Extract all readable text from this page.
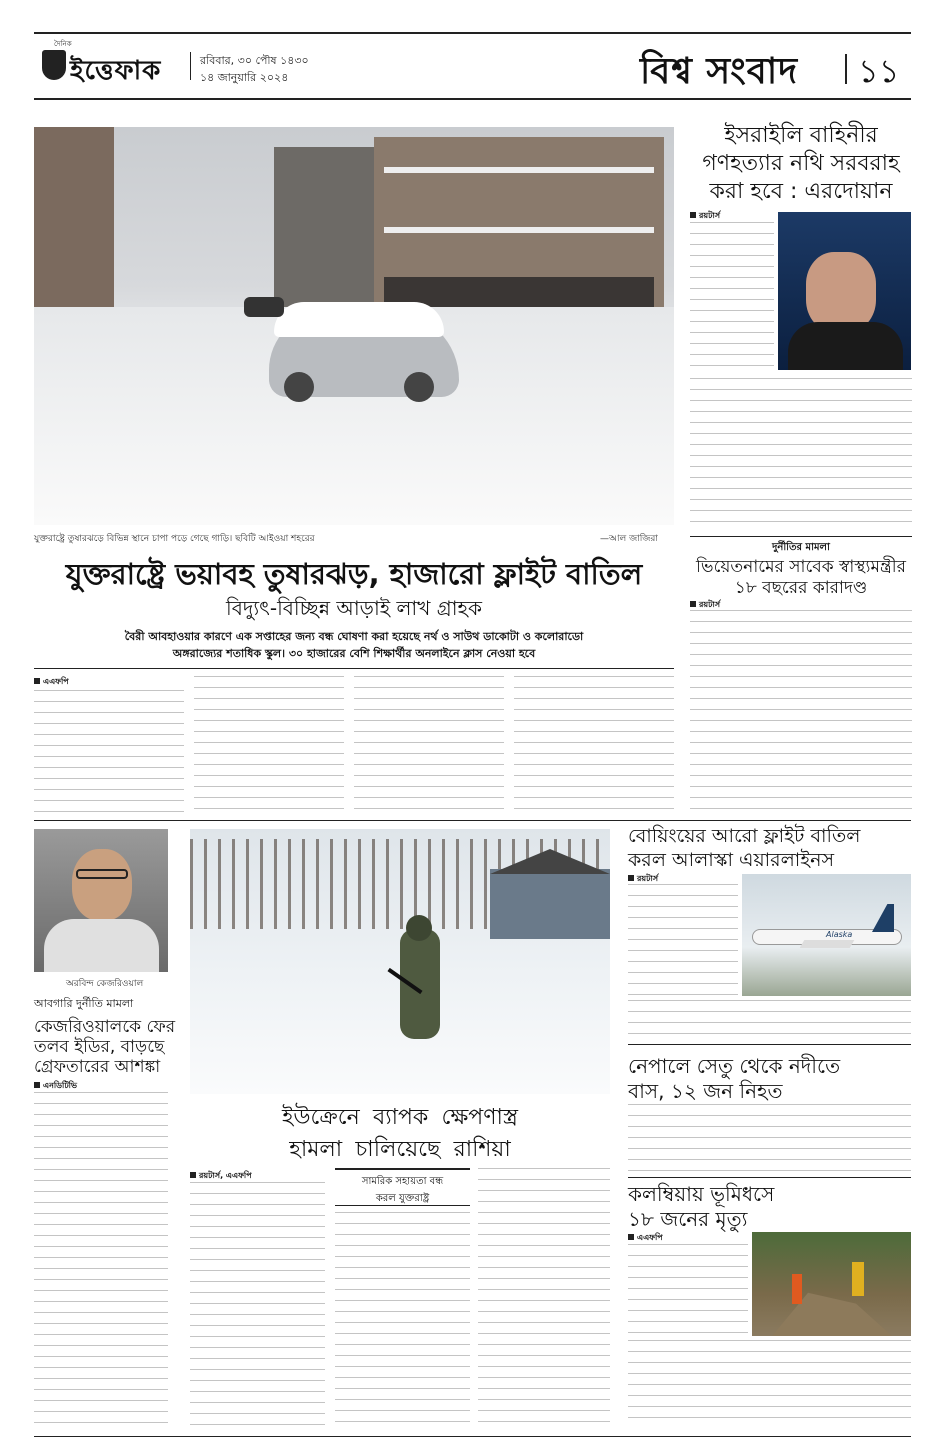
দৈনিক
ইত্তেফাক	রবিবার, ৩০ পৌষ ১৪৩০
১৪ জানুয়ারি ২০২৪	বিশ্ব সংবাদ ১১
যুক্তরাষ্ট্রে তুষারঝড়ে বিভিন্ন স্থানে চাপা পড়ে গেছে গাড়ি। ছবিটি আইওয়া শহরের	—আল জাজিরা
যুক্তরাষ্ট্রে ভয়াবহ তুষারঝড়, হাজারো ফ্লাইট বাতিল
বিদ্যুৎ-বিচ্ছিন্ন আড়াই লাখ গ্রাহক
বৈরী আবহাওয়ার কারণে এক সপ্তাহের জন্য বন্ধ ঘোষণা করা হয়েছে নর্থ ও সাউথ ডাকোটা ও কলোরাডো
অঙ্গরাজ্যের শতাধিক স্কুল। ৩০ হাজারের বেশি শিক্ষার্থীর অনলাইনে ক্লাস নেওয়া হবে
এএফপি
ইসরাইলি বাহিনীর
গণহত্যার নথি সরবরাহ
করা হবে : এরদোয়ান
রয়টার্স
দুর্নীতির মামলা
ভিয়েতনামের সাবেক স্বাস্থ্যমন্ত্রীর
১৮ বছরের কারাদণ্ড
রয়টার্স
অরবিন্দ কেজরিওয়াল
আবগারি দুর্নীতি মামলা
কেজরিওয়ালকে ফের
তলব ইডির, বাড়ছে
গ্রেফতারের আশঙ্কা
এনডিটিভি
ইউক্রেনে ব্যাপক ক্ষেপণাস্ত্র
হামলা চালিয়েছে রাশিয়া
রয়টার্স, এএফপি
সামরিক সহায়তা বন্ধ
করল যুক্তরাষ্ট্র
বোয়িংয়ের আরো ফ্লাইট বাতিল
করল আলাস্কা এয়ারলাইনস
রয়টার্স
Alaska
নেপালে সেতু থেকে নদীতে
বাস, ১২ জন নিহত
কলম্বিয়ায় ভূমিধসে
১৮ জনের মৃত্যু
এএফপি
